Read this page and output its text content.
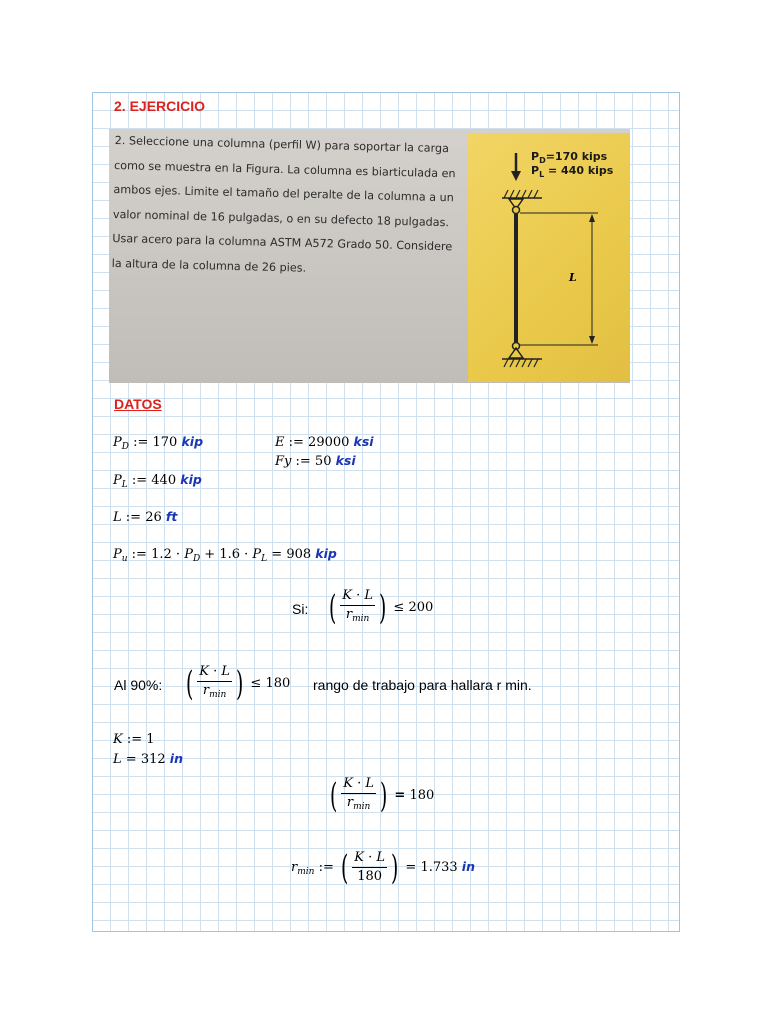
2. EJERCICIO
2. Seleccione una columna (perfil W) para soportar la carga como se muestra en la Figura. La columna es biarticulada en ambos ejes. Limite el tamaño del peralte de la columna a un valor nominal de 16 pulgadas, o en su defecto 18 pulgadas. Usar acero para la columna ASTM A572 Grado 50. Considere la altura de la columna de 26 pies.
$P_D=170$ kips
$P_L = 440$ kips
L
DATOS
$P_D$ := 170 kip	E := 29000 ksi
Fy := 50 ksi
$P_L$ := 440 kip
L := 26 ft
$P_u$ := $1.2 \cdot P_D + 1.6 \cdot P_L = 908$ kip
Si: ( $\frac{K \cdot L}{r_{min}}$ ) ≤ 200
Al 90%: ( $\frac{K \cdot L}{r_{min}}$ ) ≤ 180 rango de trabajo para hallara r min.
K := 1
L = 312 in
( $\frac{K \cdot L}{r_{min}}$ ) = 180
$r_{min}$ := ( $\frac{K \cdot L}{180}$ ) = 1.733 in
